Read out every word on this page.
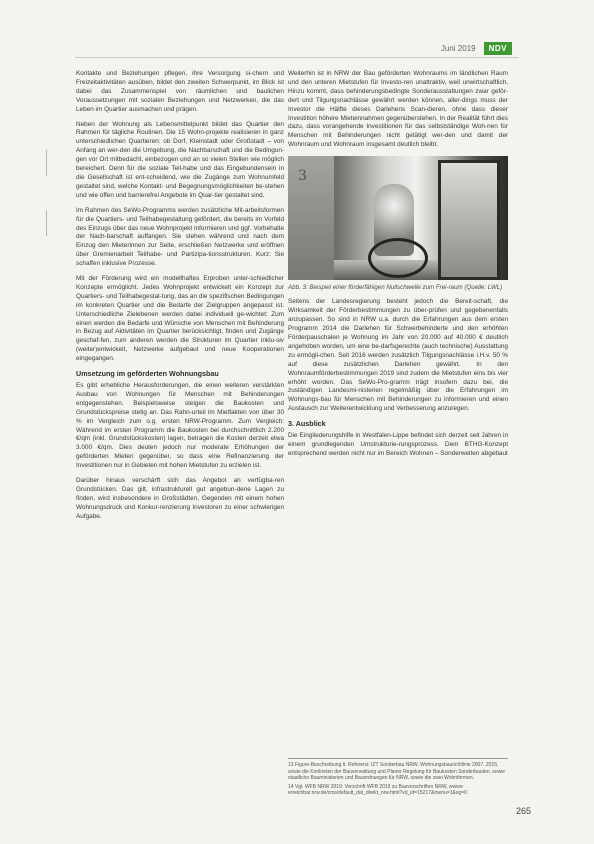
Juni 2019	NDV

Kontakte und Beziehungen pflegen, ihre Versorgung si-chern und Freizeitaktivitäten ausüben, bildet den zweiten Schwerpunkt, im Blick ist dabei das Zusammenspiel von räumlichen und baulichen Voraussetzungen mit sozialen Beziehungen und Netzwerken, die das Leben im Quartier ausmachen und prägen.

Neben der Wohnung als Lebensmittelpunkt bildet das Quartier den Rahmen für tägliche Routinen. Die 15 Wohn-projekte realisieren in ganz unterschiedlichen Quartieren: ob Dorf, Kleinstadt oder Großstadt – von Anfang an wer-den die Umgebung, die Nachbarschaft und die Bedingun-gen vor Ort mitbedacht, einbezogen und an so vielen Stellen wie möglich bereichert. Denn für die soziale Teil-habe und das Eingebundensein in die Gesellschaft ist ent-scheidend, wie die Zugänge zum Wohnumfeld gestaltet sind, welche Kontakt- und Begegnungsmöglichkeiten be-stehen und wie offen und barrierefrei Angebote im Quar-tier gestaltet sind.

Im Rahmen des SeWo-Programms werden zusätzliche Mit-arbeitsformen für die Quartiers- und Teilhabegestaltung gefördert, die bereits im Vorfeld des Einzugs über das neue Wohnprojekt informieren und ggf. Vorbehalte der Nach-barschaft auffangen. Sie stehen während und nach dem Einzug den Mieterinnen zur Seite, erschließen Netzwerke und eröffnen über Gremienarbeit Teilhabe- und Partizipa-tionsstrukturen. Kurz: Sie schaffen inklusive Prozesse.

Mit der Förderung wird ein modellhaftes Erproben unter-schiedlicher Konzepte ermöglicht. Jedes Wohnprojekt entwickelt ein Konzept zur Quartiers- und Teilhabegestal-tung, das an die spezifischen Bedingungen im konkreten Quartier und die Bedarfe der Zielgruppen angepasst ist. Unterschiedliche Zielebenen werden dabei individuell ge-wichtet: Zum einen werden die Bedarfe und Wünsche von Menschen mit Behinderung in Bezug auf Aktivitäten im Quartier berücksichtigt, finden und Zugänge geschaf-fen, zum anderen werden die Strukturen im Quartier inklu-siv (weiter)entwickelt, Netzwerke aufgebaut und neue Kooperationen eingegangen.

Umsetzung im geförderten Wohnungsbau

Es gibt erhebliche Herausforderungen, die einen weiteren verstärkten Ausbau von Wohnungen für Menschen mit Behinderungen entgegenstehen. Beispielsweise steigen die Baukosten und Grundstückspreise stetig an. Das Rahn-urteil im Mietfakten von über 30 % im Vergleich zum o.g. ersten NRW-Programm. Zum Vergleich: Während im ersten Programm die Baukosten bei durchschnittlich 2.200 €/qm (inkl. Grundstückskosten) lagen, betragen die Kosten derzeit etwa 3.000 €/qm. Dies deuten jedoch nur moderate Erhöhungen der geförderten Mieten gegenüber, so dass eine Refinanzierung der Investitionen nur in Gebieten mit hohen Mietstufen zu erzielen ist.

Darüber hinaus verschärft sich das Angebot an verfügba-ren Grundstücken. Das gilt, infrastrukturell gut angebun-dene Lagen zu finden, wird insbesondere in Großstädten, Gegenden mit einem hohen Wohnungsdruck und Konkur-renzierung Investoren zu einer schwierigen Aufgabe.

Weiterhin ist in NRW der Bau geförderten Wohnraums im ländlichen Raum und den unteren Mietstufen für Investo-ren unattraktiv, weil unwirtschaftlich. Hinzu kommt, dass behinderungsbedingte Sonderausstattungen zwar geför-dert und Tilgungsnachlässe gewährt werden können, aller-dings muss der Investor die Hälfte dieses Darlehens Scan-dieren, ohne dass dieser Investition höhere Mieteinnahmen gegenüberstehen. In der Realität führt dies dazu, dass vorangehende Investitionen für das selbstständige Woh-nen für Menschen mit Behinderungen nicht getätigt wer-den und damit der Wohnraum und Wohnraum insgesamt deutlich bleibt.

3

Abb. 3: Beispiel einer förderfähigen Nullschwelle zum Frei-raum (Quelle: LWL)

Seitens der Landesregierung besteht jedoch die Bereit-schaft, die Wirksamkeit der Förderbestimmungen zu über-prüfen und gegebenenfalls anzupassen. So sind in NRW u.a. durch die Erfahrungen aus dem ersten Programm 2014 die Darlehen für Schwerbehinderte und den erhöhten Förderpauschalen je Wohnung im Jahr von 20.000 auf 40.000 € deutlich angehoben worden, um eine be-darfsgerechte (auch technische) Ausstattung zu ermögli-chen. Seit 2016 werden zusätzlich Tilgungsnachlässe i.H.v. 50 % auf diese zusätzlichen Darlehen gewährt. In den Wohnraumförderbestimmungen 2019 sind zudem die Mietstufen eins bis vier erhöht worden. Das SeWo-Pro-gramm trägt insofern dazu bei, die zuständigen Landesmi-nisterien regelmäßig über die Erfahrungen im Wohnungs-bau für Menschen mit Behinderungen zu informieren und einen Austausch zur Weiterentwicklung und Verbesserung anzuregen.

3. Ausblick

Die Eingliederungshilfe in Westfalen-Lippe befindet sich derzeit seit Jahren in einem grundlegenden Umstrukturie-rungsprozess. Dem BTHG-Konzept entsprechend werden nicht nur im Bereich Wohnen – Sonderwelten abgebaut

13 Figure-Beschreibung lt. Referenz: IZT Sonderbau NRW, Wohnungsbaurichtlinie 2007. 2015, sowie die Konkreten der Bauverwaltung und Planer Regelung für Baukosten Sonderbauten, sowie staatliche Bauministerien und Bauordnungen für NRW, sowie die zwei Wohnformen.
14 Vgl. WFB NRW 2019: Vorschrift WFB 2019 zu Bauvorschriften NRW, wwws-erreichbar.nrw.de/cms/default_dat_direkt_nrw.html?vd_id=15217&menu=1&sg=0
265
